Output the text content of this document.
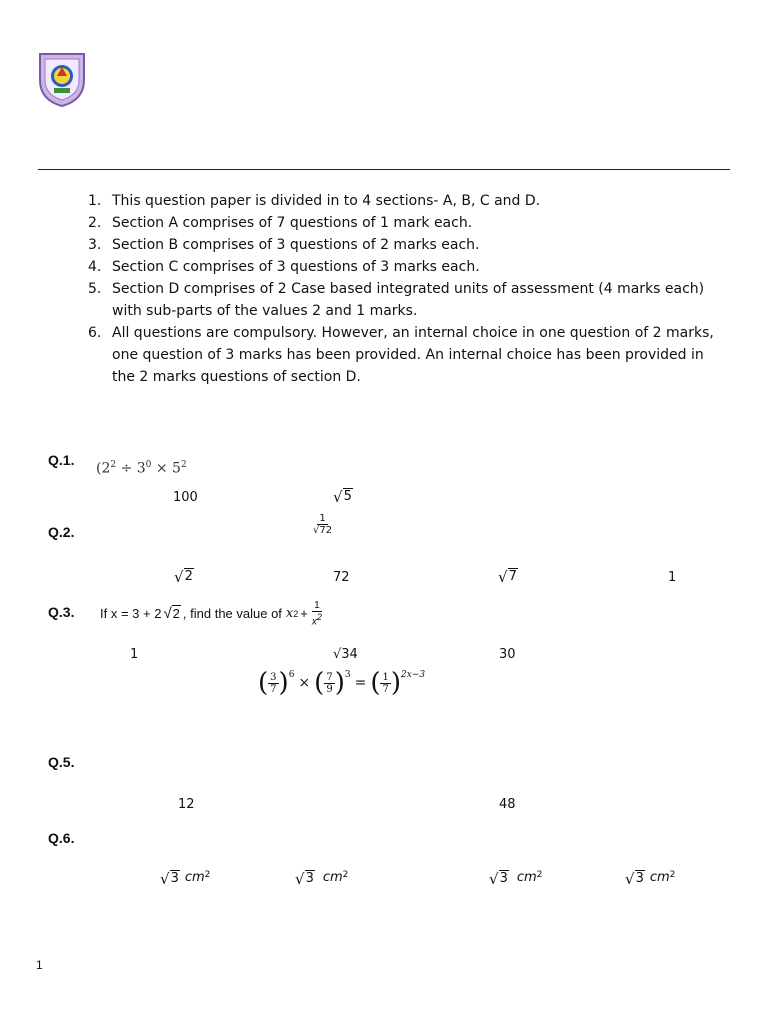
1. This question paper is divided in to 4 sections- A, B, C and D.
2. Section A comprises of 7 questions of 1 mark each.
3. Section B comprises of 3 questions of 2 marks each.
4. Section C comprises of 3 questions of 3 marks each.
5. Section D comprises of 2 Case based integrated units of assessment (4 marks each) with sub-parts of the values 2 and 1 marks.
6. All questions are compulsory. However, an internal choice in one question of 2 marks, one question of 3 marks has been provided. An internal choice has been provided in the 2 marks questions of section D.
Q.1.
($2^2 \div 3^0 \times 5^2$
100	√ 5
Q.2.	$\frac{1}{√72}$
√ 2	72	√ 7	1
Q.3. If x = 3 + 2 √ 2 , find the value of x $2 + \frac{1}{x^2}$
1	√34	30
( $\frac{3}{7} )^6$ × ( $\frac{7}{9} )^3$ = ( $\frac{1}{7} )^{2x-3}$
Q.5.
12	48
Q.6.
√ 3 cm 2	√ 3 cm 2	√ 3 cm 2	√ 3 cm 2
1
